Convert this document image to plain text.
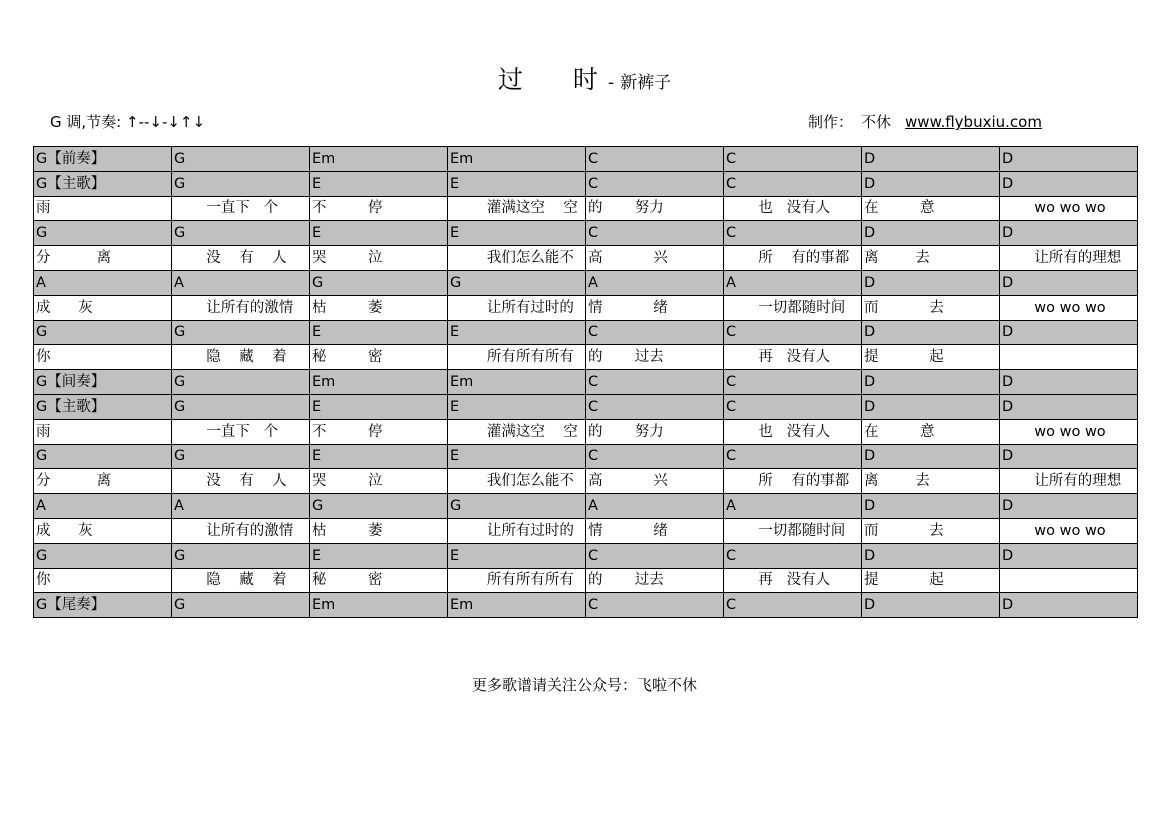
过　　时 - 新裤子
G 调,节奏: ↑--↓-↓↑↓	制作： 不休 www.flybuxiu.com
G【前奏】	G	Em	Em	C	C	D	D
G【主歌】	G	E	E	C	C	D	D
雨	一直下   个	不         停	灌满这空    空	的       努力	也   没有人	在         意	wo wo wo
G	G	E	E	C	C	D	D
分          离	没    有    人	哭         泣	我们怎么能不	高           兴	所    有的事都	离        去	让所有的理想
A	A	G	G	A	A	D	D
成      灰	让所有的激情	枯         萎	让所有过时的	情           绪	一切都随时间	而           去	wo wo wo
G	G	E	E	C	C	D	D
你	隐    藏    着	秘         密	所有所有所有	的       过去	再   没有人	提           起	
G【间奏】	G	Em	Em	C	C	D	D
G【主歌】	G	E	E	C	C	D	D
雨	一直下   个	不         停	灌满这空    空	的       努力	也   没有人	在         意	wo wo wo
G	G	E	E	C	C	D	D
分          离	没    有    人	哭         泣	我们怎么能不	高           兴	所    有的事都	离        去	让所有的理想
A	A	G	G	A	A	D	D
成      灰	让所有的激情	枯         萎	让所有过时的	情           绪	一切都随时间	而           去	wo wo wo
G	G	E	E	C	C	D	D
你	隐    藏    着	秘         密	所有所有所有	的       过去	再   没有人	提           起	
G【尾奏】	G	Em	Em	C	C	D	D
更多歌谱请关注公众号：飞啦不休
